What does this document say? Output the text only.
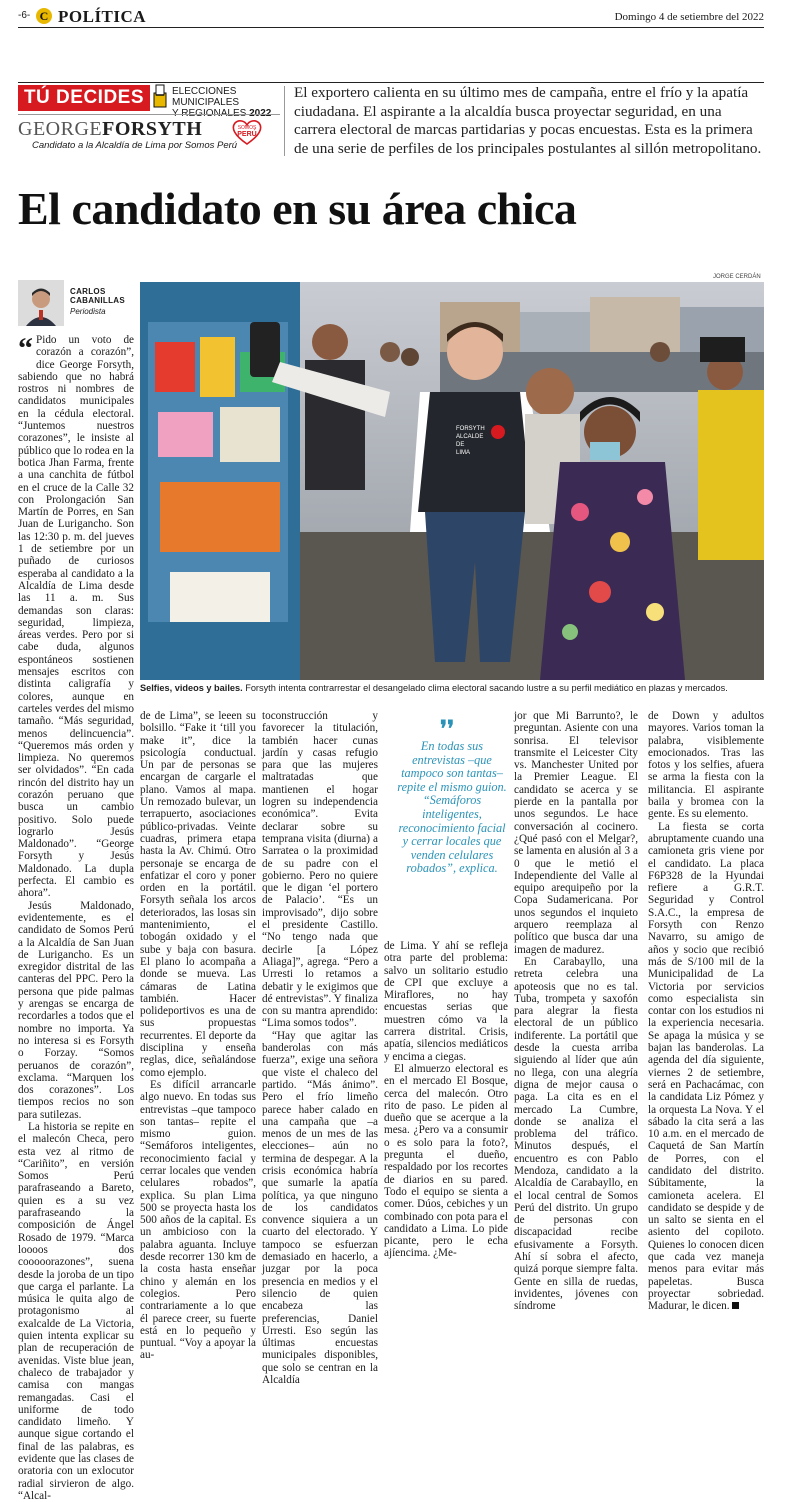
-6- C POLÍTICA	Domingo 4 de setiembre del 2022
TÚ DECIDES	ELECCIONES MUNICIPALES
GEORGEFORSYTH
Candidato a la Alcaldía de Lima por Somos Perú
SOMOS
PERÚ
El exportero calienta en su último mes de campaña, entre el frío y la apatía ciudadana. El aspirante a la alcaldía busca proyectar seguridad, en una carrera electoral de marcas partidarias y pocas encuestas. Esta es la primera de una serie de perfiles de los principales postulantes al sillón metropolitano.
El candidato en su área chica
JORGE CERDÁN
FORSYTH
ALCALDE
DE
LIMA
Selfies, videos y bailes. Forsyth intenta contrarrestar el desangelado clima electoral sacando lustre a su perfil mediático en plazas y mercados.
CARLOS
CABANILLAS
Periodista

“ Pido un voto de corazón a corazón”, dice George Forsyth, sabiendo que no habrá rostros ni nombres de candidatos municipales en la cédula electoral. “Juntemos nuestros corazones”, le insiste al público que lo rodea en la botica Jhan Farma, frente a una canchita de fútbol en el cruce de la Calle 32 con Prolongación San Martín de Porres, en San Juan de Lurigancho. Son las 12:30 p. m. del jueves 1 de setiembre por un puñado de curiosos esperaba al candidato a la Alcaldía de Lima desde las 11 a. m. Sus demandas son claras: seguridad, limpieza, áreas verdes. Pero por si cabe duda, algunos espontáneos sostienen mensajes escritos con distinta caligrafía y colores, aunque en carteles verdes del mismo tamaño. “Más seguridad, menos delincuencia”. “Queremos más orden y limpieza. No queremos ser olvidados”. “En cada rincón del distrito hay un corazón peruano que busca un cambio positivo. Solo puede lograrlo Jesús Maldonado”. “George Forsyth y Jesús Maldonado. La dupla perfecta. El cambio es ahora”.

Jesús Maldonado, evidentemente, es el candidato de Somos Perú a la Alcaldía de San Juan de Lurigancho. Es un exregidor distrital de las canteras del PPC. Pero la persona que pide palmas y arengas se encarga de recordarles a todos que el nombre no importa. Ya no interesa si es Forsyth o Forzay. “Somos peruanos de corazón”, exclama. “Marquen los dos corazones”. Los tiempos recios no son para sutilezas.

La historia se repite en el malecón Checa, pero esta vez al ritmo de “Cariñito”, en versión Somos Perú parafraseando a Bareto, quien es a su vez parafraseando la composición de Ángel Rosado de 1979. “Marca loooos dos cooooorazones”, suena desde la joroba de un tipo que carga el parlante. La música le quita algo de protagonismo al exalcalde de La Victoria, quien intenta explicar su plan de recuperación de avenidas. Viste blue jean, chaleco de trabajador y camisa con mangas remangadas. Casi el uniforme de todo candidato limeño. Y aunque sigue cortando el final de las palabras, es evidente que las clases de oratoria con un exlocutor radial sirvieron de algo. “Alcal-

de de Lima”, se leeen su bolsillo. “Fake it ‘till you make it”, dice la psicología conductual. Un par de personas se encargan de cargarle el plano. Vamos al mapa. Un remozado bulevar, un terrapuerto, asociaciones público-privadas. Veinte cuadras, primera etapa hasta la Av. Chimú. Otro personaje se encarga de enfatizar el coro y poner orden en la portátil. Forsyth señala los arcos deteriorados, las losas sin mantenimiento, el tobogán oxidado y el sube y baja con basura. El plano lo acompaña a donde se mueva. Las cámaras de Latina también. Hacer polideportivos es una de sus propuestas recurrentes. El deporte da disciplina y enseña reglas, dice, señalándose como ejemplo.

Es difícil arrancarle algo nuevo. En todas sus entrevistas –que tampoco son tantas– repite el mismo guion. “Semáforos inteligentes, reconocimiento facial y cerrar locales que venden celulares robados”, explica. Su plan Lima 500 se proyecta hasta los 500 años de la capital. Es un ambicioso con la palabra aguanta. Incluye desde recorrer 130 km de la costa hasta enseñar chino y alemán en los colegios. Pero contrariamente a lo que él parece creer, su fuerte está en lo pequeño y puntual. “Voy a apoyar la au-

toconstrucción y favorecer la titulación, también hacer cunas jardín y casas refugio para que las mujeres maltratadas que mantienen el hogar logren su independencia económica”. Evita declarar sobre su temprana visita (diurna) a Sarratea o la proximidad de su padre con el gobierno. Pero no quiere que le digan ‘el portero de Palacio’. “Es un improvisado”, dijo sobre el presidente Castillo. “No tengo nada que decirle [a López Aliaga]”, agrega. “Pero a Urresti lo retamos a debatir y le exigimos que dé entrevistas”. Y finaliza con su mantra aprendido: “Lima somos todos”.

“Hay que agitar las banderolas con más fuerza”, exige una señora que viste el chaleco del partido. “Más ánimo”. Pero el frío limeño parece haber calado en una campaña que –a menos de un mes de las elecciones– aún no termina de despegar. A la crisis económica habría que sumarle la apatía política, ya que ninguno de los candidatos convence siquiera a un cuarto del electorado. Y tampoco se esfuerzan demasiado en hacerlo, a juzgar por la poca presencia en medios y el silencio de quien encabeza las preferencias, Daniel Urresti. Eso según las últimas encuestas municipales disponibles, que solo se centran en la Alcaldía

❜❜
En todas sus entrevistas –que tampoco son tantas– repite el mismo guion. “Semáforos inteligentes, reconocimiento facial y cerrar locales que venden celulares robados”, explica.

de Lima. Y ahí se refleja otra parte del problema: salvo un solitario estudio de CPI que excluye a Miraflores, no hay encuestas serias que muestren cómo va la carrera distrital. Crisis, apatía, silencios mediáticos y encima a ciegas.

El almuerzo electoral es en el mercado El Bosque, cerca del malecón. Otro rito de paso. Le piden al dueño que se acerque a la mesa. ¿Pero va a consumir o es solo para la foto?, pregunta el dueño, respaldado por los recortes de diarios en su pared. Todo el equipo se sienta a comer. Dúos, cebiches y un combinado con pota para el candidato a Lima. Lo pide picante, pero le echa ajíencima. ¿Me-

jor que Mi Barrunto?, le preguntan. Asiente con una sonrisa. El televisor transmite el Leicester City vs. Manchester United por la Premier League. El candidato se acerca y se pierde en la pantalla por unos segundos. Le hace conversación al cocinero. ¿Qué pasó con el Melgar?, se lamenta en alusión al 3 a 0 que le metió el Independiente del Valle al equipo arequipeño por la Copa Sudamericana. Por unos segundos el inquieto arquero reemplaza al político que busca dar una imagen de madurez.

En Carabayllo, una retreta celebra una apoteosis que no es tal. Tuba, trompeta y saxofón para alegrar la fiesta electoral de un público indiferente. La portátil que desde la cuesta arriba siguiendo al líder que aún no llega, con una alegría digna de mejor causa o paga. La cita es en el mercado La Cumbre, donde se analiza el problema del tráfico. Minutos después, el encuentro es con Pablo Mendoza, candidato a la Alcaldía de Carabayllo, en el local central de Somos Perú del distrito. Un grupo de personas con discapacidad recibe efusivamente a Forsyth. Ahí sí sobra el afecto, quizá porque siempre falta. Gente en silla de ruedas, invidentes, jóvenes con síndrome

de Down y adultos mayores. Varios toman la palabra, visiblemente emocionados. Tras las fotos y los selfies, afuera se arma la fiesta con la militancia. El aspirante baila y bromea con la gente. Es su elemento.

La fiesta se corta abruptamente cuando una camioneta gris viene por el candidato. La placa F6P328 de la Hyundai refiere a G.R.T. Seguridad y Control S.A.C., la empresa de Forsyth con Renzo Navarro, su amigo de años y socio que recibió más de S/100 mil de la Municipalidad de La Victoria por servicios como especialista sin contar con los estudios ni la experiencia necesaria. Se apaga la música y se bajan las banderolas. La agenda del día siguiente, viernes 2 de setiembre, será en Pachacámac, con la candidata Liz Pómez y la orquesta La Nova. Y el sábado la cita será a las 10 a.m. en el mercado de Caquetá de San Martín de Porres, con el candidato del distrito. Súbitamente, la camioneta acelera. El candidato se despide y de un salto se sienta en el asiento del copiloto. Quienes lo conocen dicen que cada vez maneja menos para evitar más papeletas. Busca proyectar sobriedad. Madurar, le dicen.
